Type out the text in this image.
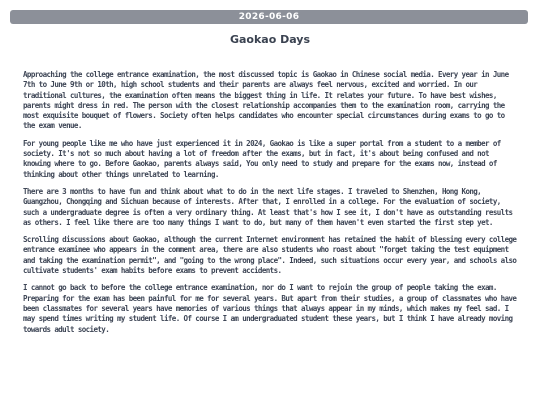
2026-06-06
Gaokao Days

Approaching the college entrance examination, the most discussed topic is Gaokao in Chinese social media. Every year in June 7th to June 9th or 10th, high school students and their parents are always feel nervous, excited and worried. In our traditional cultures, the examination often means the biggest thing in life. It relates your future. To have best wishes, parents might dress in red. The person with the closest relationship accompanies them to the examination room, carrying the most exquisite bouquet of flowers. Society often helps candidates who encounter special circumstances during exams to go to the exam venue.

For young people like me who have just experienced it in 2024, Gaokao is like a super portal from a student to a member of society. It's not so much about having a lot of freedom after the exams, but in fact, it's about being confused and not knowing where to go. Before Gaokao, parents always said, You only need to study and prepare for the exams now, instead of thinking about other things unrelated to learning.

There are 3 months to have fun and think about what to do in the next life stages. I traveled to Shenzhen, Hong Kong, Guangzhou, Chongqing and Sichuan because of interests. After that, I enrolled in a college. For the evaluation of society, such a undergraduate degree is often a very ordinary thing. At least that's how I see it, I don't have as outstanding results as others. I feel like there are too many things I want to do, but many of them haven't even started the first step yet.

Scrolling discussions about Gaokao, although the current Internet environment has retained the habit of blessing every college entrance examinee who appears in the comment area, there are also students who roast about "forget taking the test equipment and taking the examination permit", and "going to the wrong place". Indeed, such situations occur every year, and schools also cultivate students' exam habits before exams to prevent accidents.

I cannot go back to before the college entrance examination, nor do I want to rejoin the group of people taking the exam. Preparing for the exam has been painful for me for several years. But apart from their studies, a group of classmates who have been classmates for several years have memories of various things that always appear in my minds, which makes my feel sad. I may spend times writing my student life. Of course I am undergraduated student these years, but I think I have already moving towards adult society.
